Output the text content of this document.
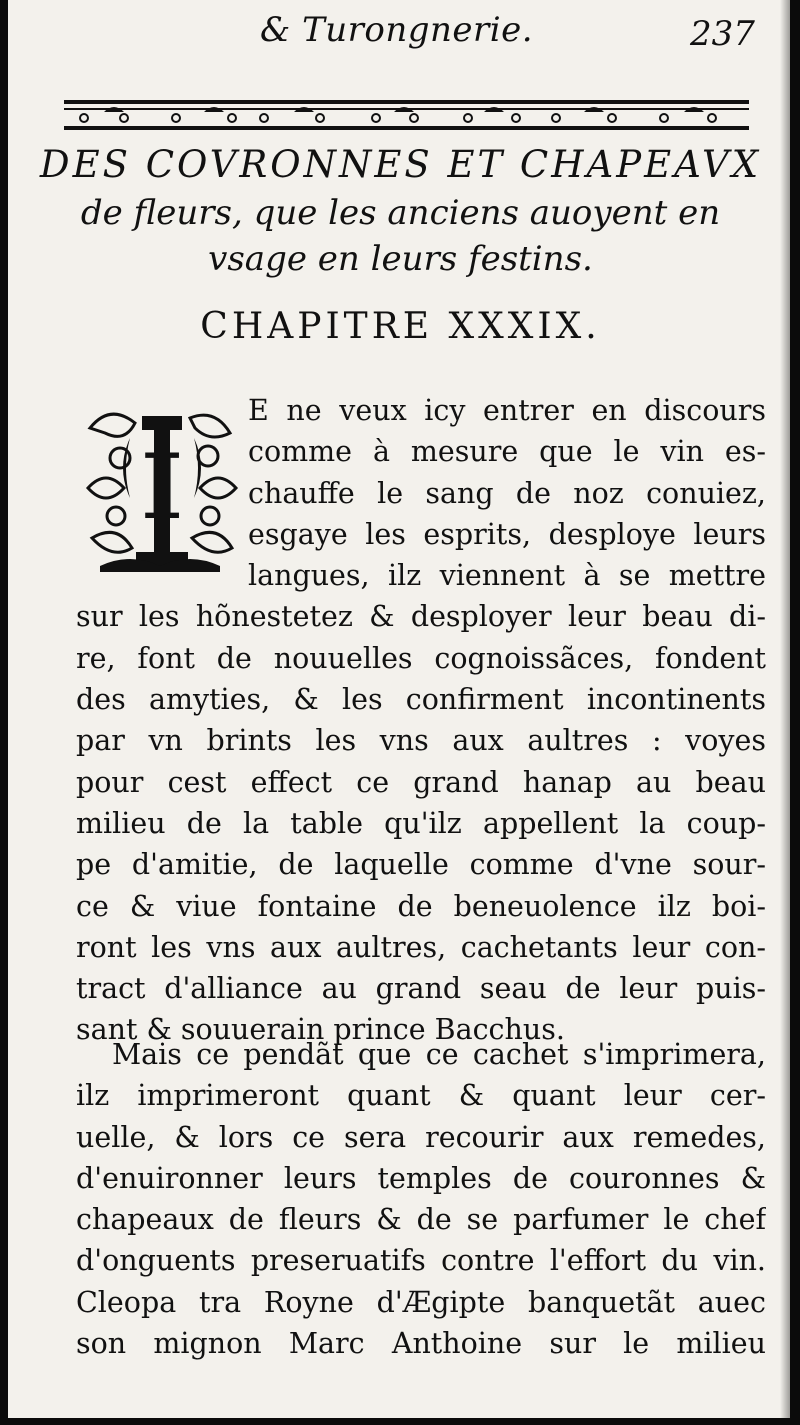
& Turongnerie.	237
DES COVRONNES ET CHAPEAVX
de fleurs, que les anciens auoyent en
vsage en leurs festins.
CHAPITRE XXXIX.
I
E ne veux icy entrer en discours
comme à mesure que le vin es-
chauffe le sang de noz conuiez,
esgaye les esprits, desploye leurs
langues, ilz viennent à se mettre
sur les hõnestetez & desployer leur beau di-
re, font de nouuelles cognoissãces, fondent
des amyties, & les confirment incontinents
par vn brints les vns aux aultres : voyes
pour cest effect ce grand hanap au beau
milieu de la table qu'ilz appellent la coup-
pe d'amitie, de laquelle comme d'vne sour-
ce & viue fontaine de beneuolence ilz boi-
ront les vns aux aultres, cachetants leur con-
tract d'alliance au grand seau de leur puis-
sant & souuerain prince Bacchus.
Mais ce pendãt que ce cachet s'imprimera,
ilz imprimeront quant & quant leur cer-
uelle, & lors ce sera recourir aux remedes,
d'enuironner leurs temples de couronnes &
chapeaux de fleurs & de se parfumer le chef
d'onguents preseruatifs contre l'effort du vin.
Cleopa tra Royne d'Ægipte banquetãt auec
son mignon Marc Anthoine sur le milieu
